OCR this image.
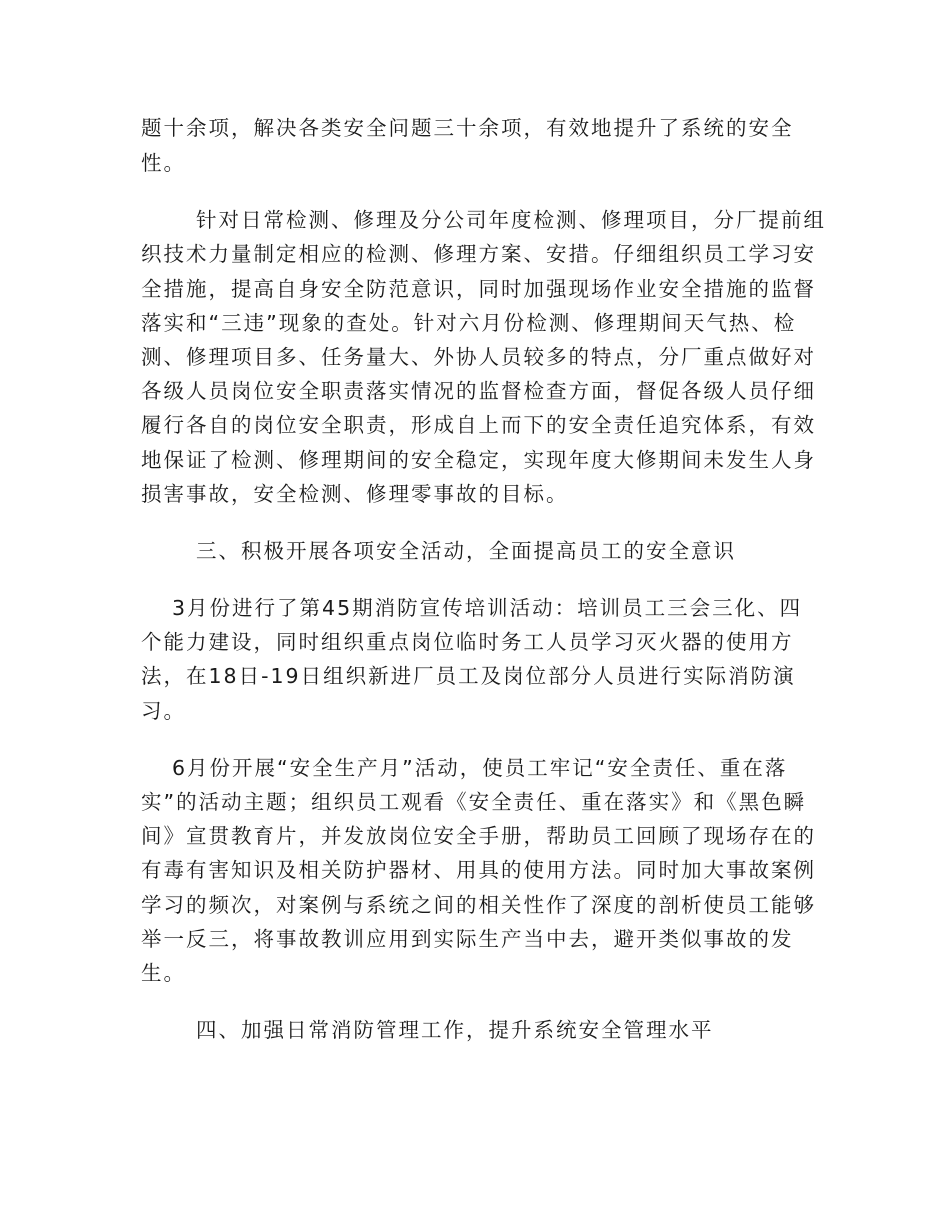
题十余项，解决各类安全问题三十余项，有效地提升了系统的安全
性。
针对日常检测、修理及分公司年度检测、修理项目，分厂提前组
织技术力量制定相应的检测、修理方案、安措。仔细组织员工学习安
全措施，提高自身安全防范意识，同时加强现场作业安全措施的监督
落实和“三违”现象的查处。针对六月份检测、修理期间天气热、检
测、修理项目多、任务量大、外协人员较多的特点，分厂重点做好对
各级人员岗位安全职责落实情况的监督检查方面，督促各级人员仔细
履行各自的岗位安全职责，形成自上而下的安全责任追究体系，有效
地保证了检测、修理期间的安全稳定，实现年度大修期间未发生人身
损害事故，安全检测、修理零事故的目标。
三、积极开展各项安全活动，全面提高员工的安全意识
3月份进行了第45期消防宣传培训活动：培训员工三会三化、四
个能力建设，同时组织重点岗位临时务工人员学习灭火器的使用方
法，在18日-19日组织新进厂员工及岗位部分人员进行实际消防演
习。
6月份开展“安全生产月”活动，使员工牢记“安全责任、重在落
实”的活动主题；组织员工观看《安全责任、重在落实》和《黑色瞬
间》宣贯教育片，并发放岗位安全手册，帮助员工回顾了现场存在的
有毒有害知识及相关防护器材、用具的使用方法。同时加大事故案例
学习的频次，对案例与系统之间的相关性作了深度的剖析使员工能够
举一反三，将事故教训应用到实际生产当中去，避开类似事故的发
生。
四、加强日常消防管理工作，提升系统安全管理水平
